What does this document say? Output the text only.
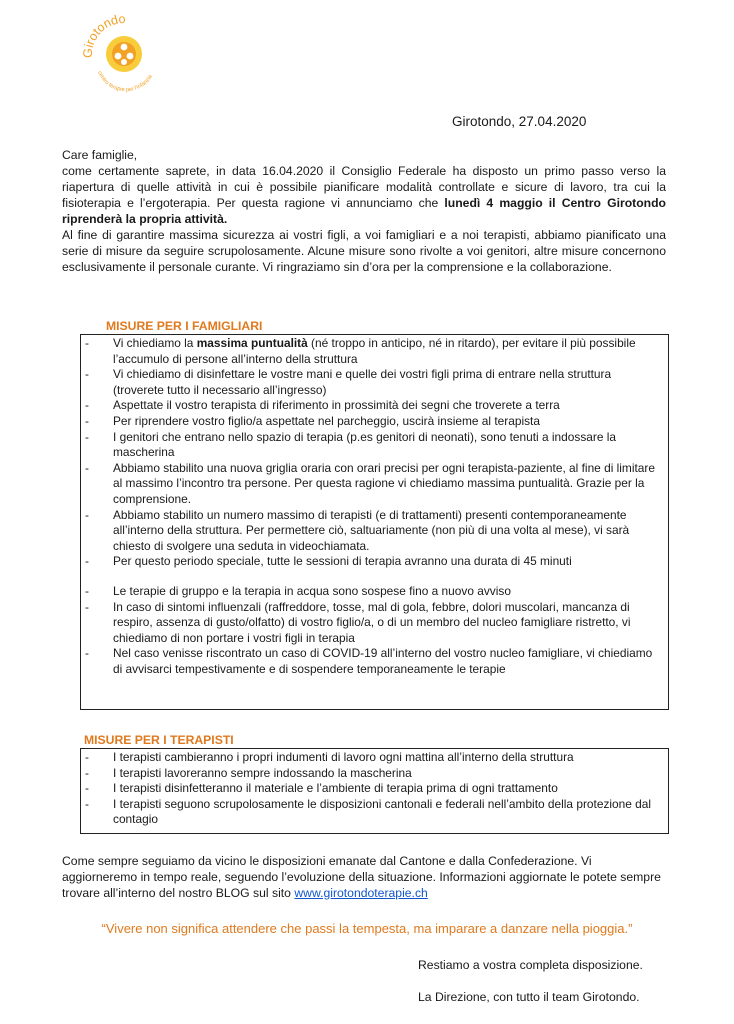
Girotondo
centro terapie per l'infanzia
Girotondo, 27.04.2020

Care famiglie,

come certamente saprete, in data 16.04.2020 il Consiglio Federale ha disposto un primo passo verso la riapertura di quelle attività in cui è possibile pianificare modalità controllate e sicure di lavoro, tra cui la fisioterapia e l’ergoterapia. Per questa ragione vi annunciamo che lunedì 4 maggio il Centro Girotondo riprenderà la propria attività.

Al fine di garantire massima sicurezza ai vostri figli, a voi famigliari e a noi terapisti, abbiamo pianificato una serie di misure da seguire scrupolosamente. Alcune misure sono rivolte a voi genitori, altre misure concernono esclusivamente il personale curante. Vi ringraziamo sin d’ora per la comprensione e la collaborazione.

MISURE PER I FAMIGLIARI
- Vi chiediamo la massima puntualità (né troppo in anticipo, né in ritardo), per evitare il più possibile l’accumulo di persone all’interno della struttura
- Vi chiediamo di disinfettare le vostre mani e quelle dei vostri figli prima di entrare nella struttura (troverete tutto il necessario all’ingresso)
- Aspettate il vostro terapista di riferimento in prossimità dei segni che troverete a terra
- Per riprendere vostro figlio/a aspettate nel parcheggio, uscirà insieme al terapista
- I genitori che entrano nello spazio di terapia (p.es genitori di neonati), sono tenuti a indossare la mascherina
- Abbiamo stabilito una nuova griglia oraria con orari precisi per ogni terapista-paziente, al fine di limitare al massimo l’incontro tra persone. Per questa ragione vi chiediamo massima puntualità. Grazie per la comprensione.
- Abbiamo stabilito un numero massimo di terapisti (e di trattamenti) presenti contemporaneamente all’interno della struttura. Per permettere ciò, saltuariamente (non più di una volta al mese), vi sarà chiesto di svolgere una seduta in videochiamata.
- Per questo periodo speciale, tutte le sessioni di terapia avranno una durata di 45 minuti
- Le terapie di gruppo e la terapia in acqua sono sospese fino a nuovo avviso
- In caso di sintomi influenzali (raffreddore, tosse, mal di gola, febbre, dolori muscolari, mancanza di respiro, assenza di gusto/olfatto) di vostro figlio/a, o di un membro del nucleo famigliare ristretto, vi chiediamo di non portare i vostri figli in terapia
- Nel caso venisse riscontrato un caso di COVID-19 all’interno del vostro nucleo famigliare, vi chiediamo di avvisarci tempestivamente e di sospendere temporaneamente le terapie
MISURE PER I TERAPISTI
- I terapisti cambieranno i propri indumenti di lavoro ogni mattina all’interno della struttura
- I terapisti lavoreranno sempre indossando la mascherina
- I terapisti disinfetteranno il materiale e l’ambiente di terapia prima di ogni trattamento
- I terapisti seguono scrupolosamente le disposizioni cantonali e federali nell’ambito della protezione dal contagio
Come sempre seguiamo da vicino le disposizioni emanate dal Cantone e dalla Confederazione. Vi aggiorneremo in tempo reale, seguendo l’evoluzione della situazione. Informazioni aggiornate le potete sempre trovare all’interno del nostro BLOG sul sito www.girotondoterapie.ch
“Vivere non significa attendere che passi la tempesta, ma imparare a danzare nella pioggia.”
Restiamo a vostra completa disposizione.
La Direzione, con tutto il team Girotondo.
